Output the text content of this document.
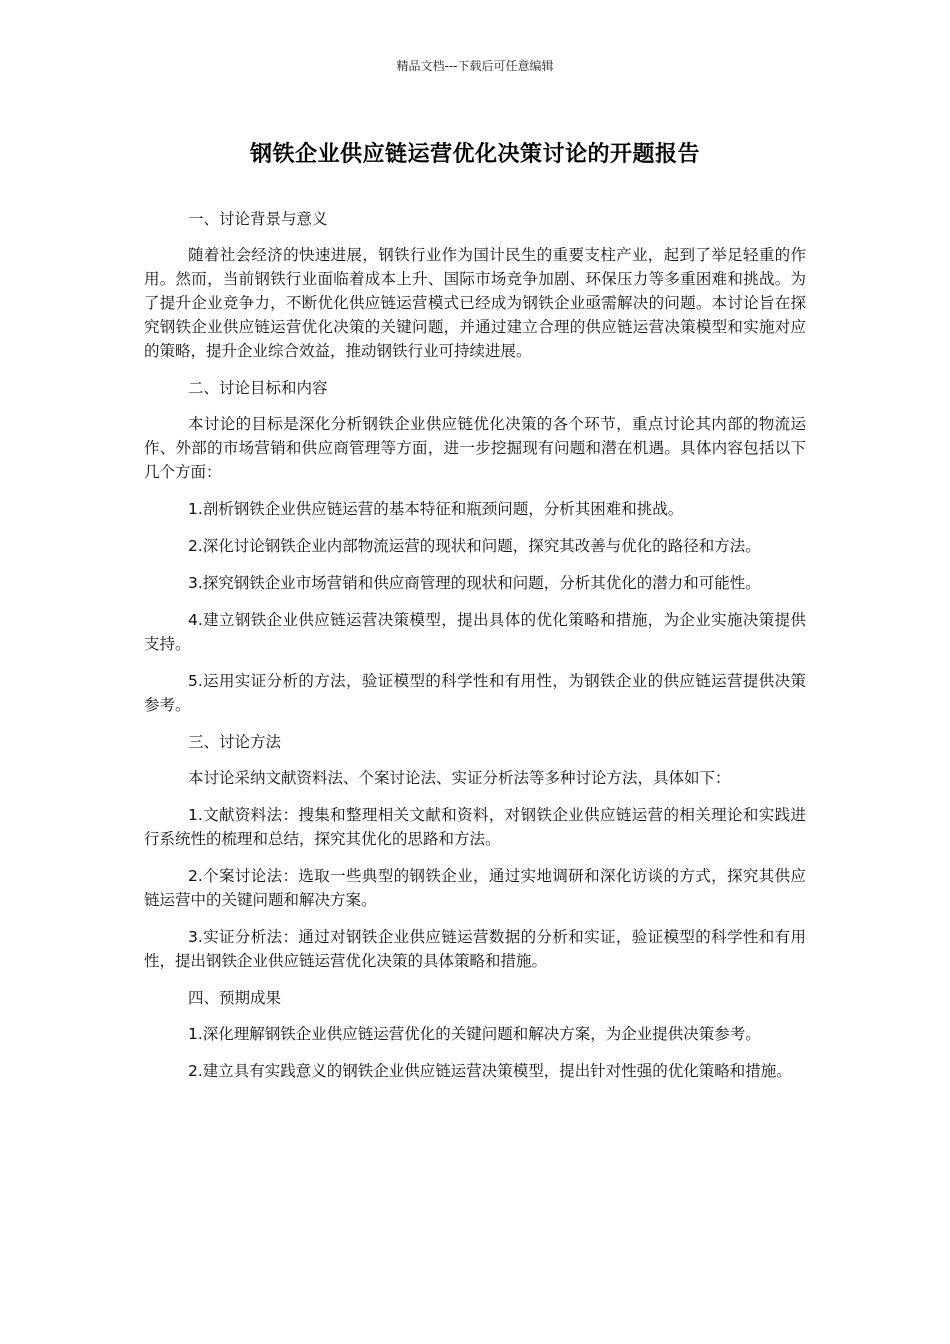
精品文档---下载后可任意编辑
钢铁企业供应链运营优化决策讨论的开题报告

一、讨论背景与意义

随着社会经济的快速进展，钢铁行业作为国计民生的重要支柱产业，起到了举足轻重的作用。然而，当前钢铁行业面临着成本上升、国际市场竞争加剧、环保压力等多重困难和挑战。为了提升企业竞争力，不断优化供应链运营模式已经成为钢铁企业亟需解决的问题。本讨论旨在探究钢铁企业供应链运营优化决策的关键问题，并通过建立合理的供应链运营决策模型和实施对应的策略，提升企业综合效益，推动钢铁行业可持续进展。

二、讨论目标和内容

本讨论的目标是深化分析钢铁企业供应链优化决策的各个环节，重点讨论其内部的物流运作、外部的市场营销和供应商管理等方面，进一步挖掘现有问题和潜在机遇。具体内容包括以下几个方面：

1.剖析钢铁企业供应链运营的基本特征和瓶颈问题，分析其困难和挑战。

2.深化讨论钢铁企业内部物流运营的现状和问题，探究其改善与优化的路径和方法。

3.探究钢铁企业市场营销和供应商管理的现状和问题，分析其优化的潜力和可能性。

4.建立钢铁企业供应链运营决策模型，提出具体的优化策略和措施，为企业实施决策提供支持。

5.运用实证分析的方法，验证模型的科学性和有用性，为钢铁企业的供应链运营提供决策参考。

三、讨论方法

本讨论采纳文献资料法、个案讨论法、实证分析法等多种讨论方法，具体如下：

1.文献资料法：搜集和整理相关文献和资料，对钢铁企业供应链运营的相关理论和实践进行系统性的梳理和总结，探究其优化的思路和方法。

2.个案讨论法：选取一些典型的钢铁企业，通过实地调研和深化访谈的方式，探究其供应链运营中的关键问题和解决方案。

3.实证分析法：通过对钢铁企业供应链运营数据的分析和实证，验证模型的科学性和有用性，提出钢铁企业供应链运营优化决策的具体策略和措施。

四、预期成果

1.深化理解钢铁企业供应链运营优化的关键问题和解决方案，为企业提供决策参考。

2.建立具有实践意义的钢铁企业供应链运营决策模型，提出针对性强的优化策略和措施。
